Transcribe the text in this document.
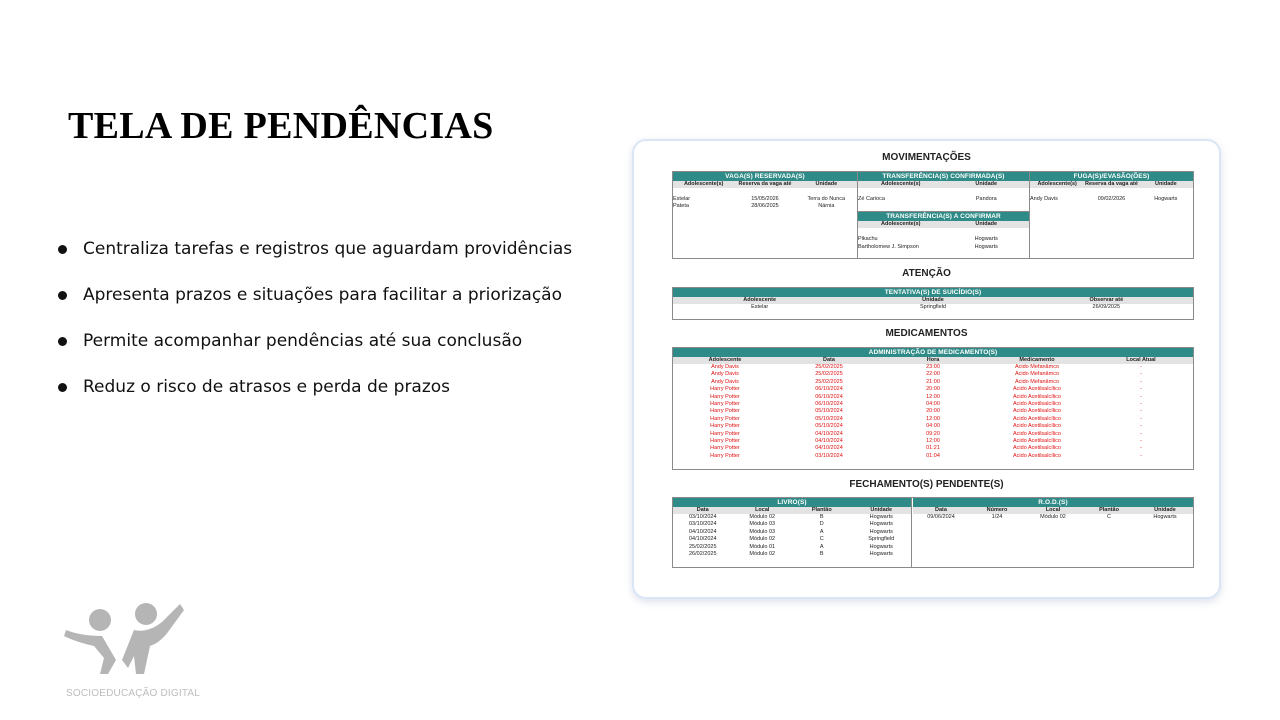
TELA DE PENDÊNCIAS
Centraliza tarefas e registros que aguardam providências
Apresenta prazos e situações para facilitar a priorização
Permite acompanhar pendências até sua conclusão
Reduz o risco de atrasos e perda de prazos
SOCIOEDUCAÇÃO DIGITAL
MOVIMENTAÇÕES
VAGA(S) RESERVADA(S)
Adolescente(s)	Reserva da vaga até	Unidade
Estelar	15/05/2026	Terra do Nunca
Pateta	28/06/2025	Nárnia
TRANSFERÊNCIA(S) CONFIRMADA(S)
Adolescente(s)	Unidade
Zé Carioca	Pandora
TRANSFERÊNCIA(S) A CONFIRMAR
Adolescente(s)	Unidade
Pikachu	Hogwarts
Bartholomew J. Simpson	Hogwarts
FUGA(S)/EVASÃO(ÕES)
Adolescente(s)	Reserva da vaga até	Unidade
Andy Davis	09/02/2026	Hogwarts
ATENÇÃO
TENTATIVA(S) DE SUICÍDIO(S)
Adolescente	Unidade	Observar até
Estelar	Springfield	26/09/2025
MEDICAMENTOS
ADMINISTRAÇÃO DE MEDICAMENTO(S)
Adolescente	Data	Hora	Medicamento	Local Atual
Andy Davis	25/02/2025	23:00	Ácido Mefanâmco	-
Andy Davis	25/02/2025	22:00	Ácido Mefanâmco	-
Andy Davis	25/02/2025	21:00	Ácido Mefanâmco	-
Harry Potter	06/10/2024	20:00	Ácido Acetilsalcílico	-
Harry Potter	06/10/2024	12:00	Ácido Acetilsalcílico	-
Harry Potter	06/10/2024	04:00	Ácido Acetilsalcílico	-
Harry Potter	05/10/2024	20:00	Ácido Acetilsalcílico	-
Harry Potter	05/10/2024	12:00	Ácido Acetilsalcílico	-
Harry Potter	05/10/2024	04:00	Ácido Acetilsalcílico	-
Harry Potter	04/10/2024	09:20	Ácido Acetilsalcílico	-
Harry Potter	04/10/2024	12:00	Ácido Acetilsalcílico	-
Harry Potter	04/10/2024	01:21	Ácido Acetilsalcílico	-
Harry Potter	03/10/2024	01:04	Ácido Acetilsalcílico	-
FECHAMENTO(S) PENDENTE(S)
LIVRO(S)
Data	Local	Plantão	Unidade
03/10/2024	Módulo 02	B	Hogwarts
03/10/2024	Módulo 03	D	Hogwarts
04/10/2024	Módulo 03	A	Hogwarts
04/10/2024	Módulo 02	C	Springfield
25/02/2025	Módulo 01	A	Hogwarts
26/02/2025	Módulo 02	B	Hogwarts
R.O.D.(S)
Data	Número	Local	Plantão	Unidade
09/06/2024	1/24	Módulo 02	C	Hogwarts
